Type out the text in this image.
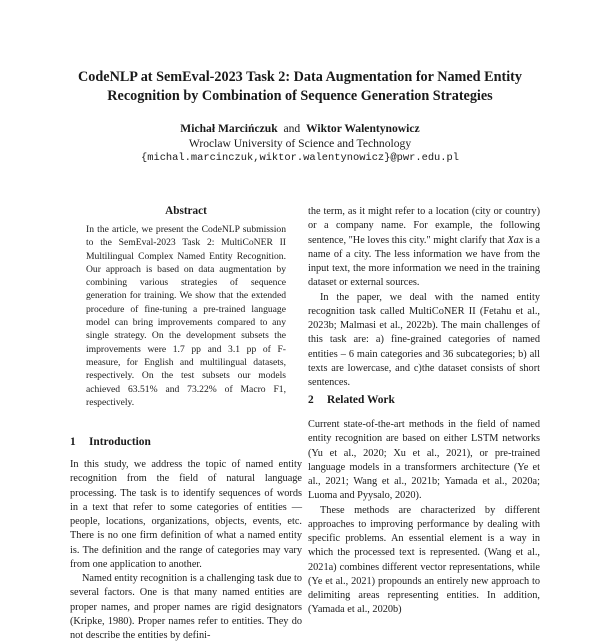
CodeNLP at SemEval-2023 Task 2: Data Augmentation for Named Entity
Recognition by Combination of Sequence Generation Strategies
Michał Marcińczuk and Wiktor Walentynowicz
Wroclaw University of Science and Technology
{michal.marcinczuk,wiktor.walentynowicz}@pwr.edu.pl
Abstract
In the article, we present the CodeNLP submission to the SemEval-2023 Task 2: MultiCoNER II Multilingual Complex Named Entity Recognition. Our approach is based on data augmentation by combining various strategies of sequence generation for training. We show that the extended procedure of fine-tuning a pre-trained language model can bring improvements compared to any single strategy. On the development subsets the improvements were 1.7 pp and 3.1 pp of F-measure, for English and multilingual datasets, respectively. On the test subsets our models achieved 63.51% and 73.22% of Macro F1, respectively.
1 Introduction

In this study, we address the topic of named entity recognition from the field of natural language processing. The task is to identify sequences of words in a text that refer to some categories of entities — people, locations, organizations, objects, events, etc. There is no one firm definition of what a named entity is. The definition and the range of categories may vary from one application to another.

Named entity recognition is a challenging task due to several factors. One is that many named entities are proper names, and proper names are rigid designators (Kripke, 1980). Proper names refer to entities. They do not describe the entities by defini-

the term, as it might refer to a location (city or country) or a company name. For example, the following sentence, "He loves this city." might clarify that Xax is a name of a city. The less information we have from the input text, the more information we need in the training dataset or external sources.

In the paper, we deal with the named entity recognition task called MultiCoNER II (Fetahu et al., 2023b; Malmasi et al., 2022b). The main challenges of this task are: a) fine-grained categories of named entities – 6 main categories and 36 subcategories; b) all texts are lowercase, and c)the dataset consists of short sentences.

2 Related Work

Current state-of-the-art methods in the field of named entity recognition are based on either LSTM networks (Yu et al., 2020; Xu et al., 2021), or pre-trained language models in a transformers architecture (Ye et al., 2021; Wang et al., 2021b; Yamada et al., 2020a; Luoma and Pyysalo, 2020).

These methods are characterized by different approaches to improving performance by dealing with specific problems. An essential element is a way in which the processed text is represented. (Wang et al., 2021a) combines different vector representations, while (Ye et al., 2021) propounds an entirely new approach to delimiting areas representing entities. In addition, (Yamada et al., 2020b)
